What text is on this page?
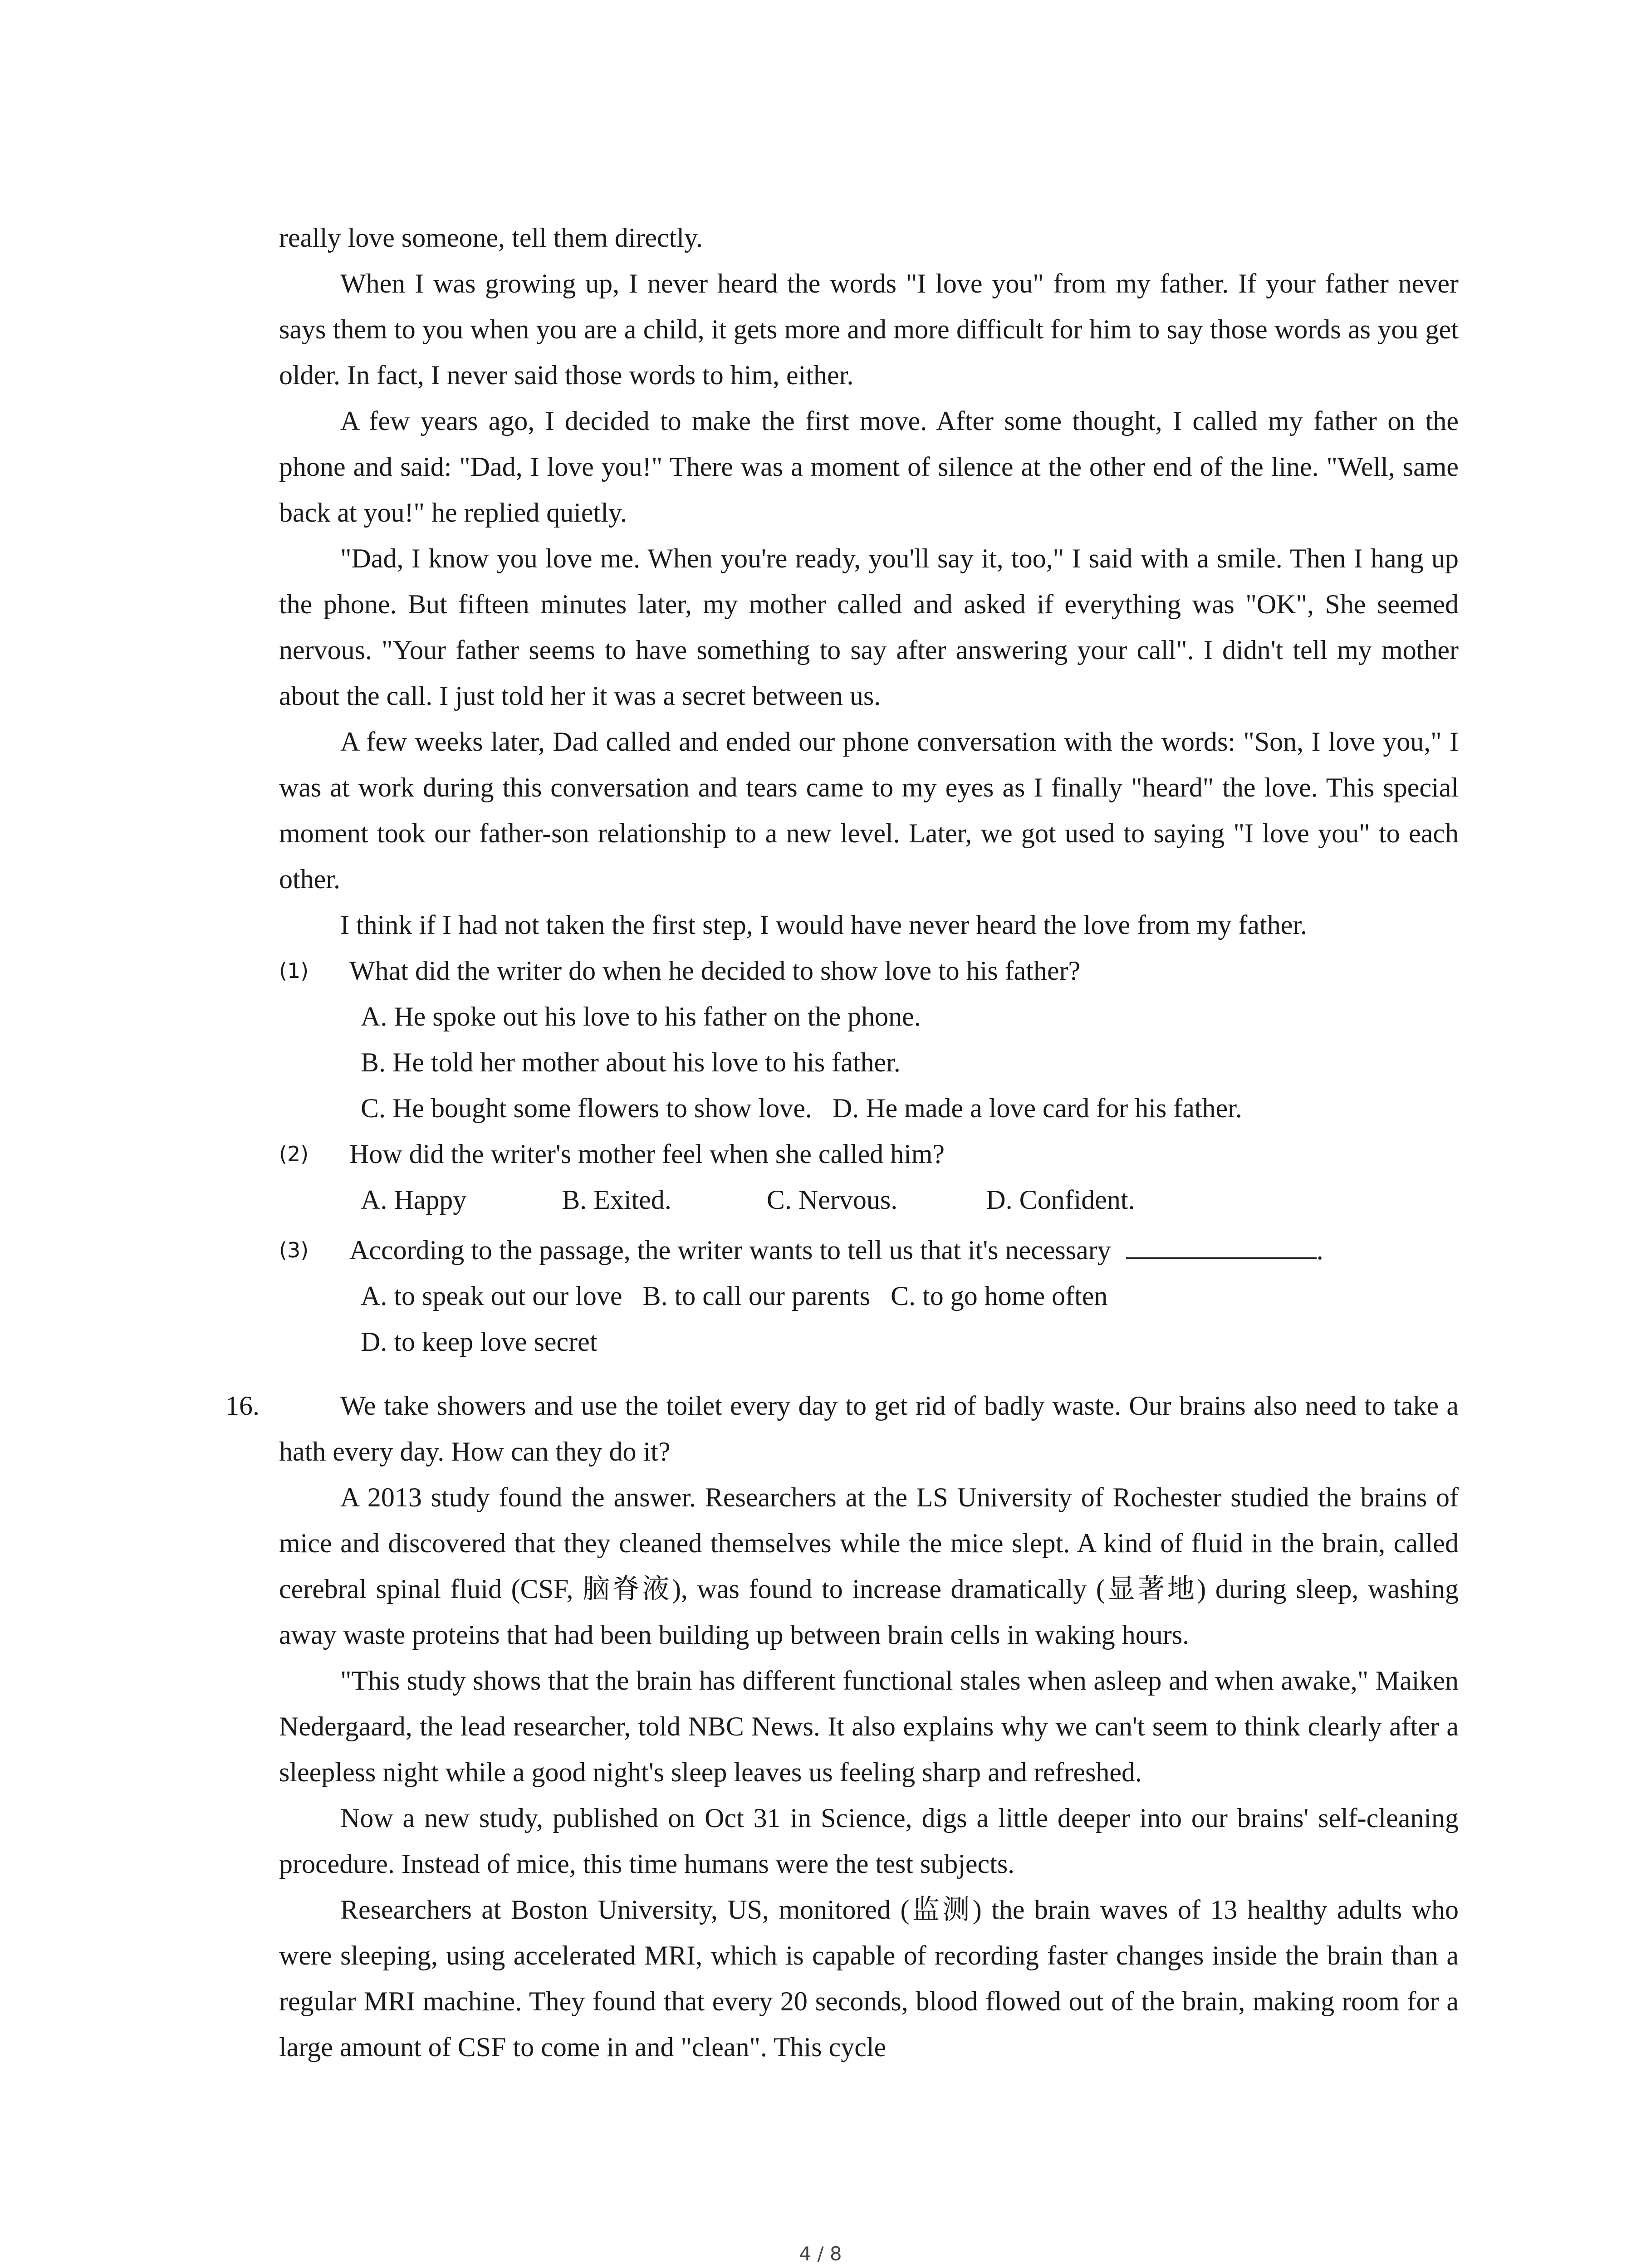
really love someone, tell them directly.

When I was growing up, I never heard the words "I love you" from my father. If your father never says them to you when you are a child, it gets more and more difficult for him to say those words as you get older. In fact, I never said those words to him, either.

A few years ago, I decided to make the first move. After some thought, I called my father on the phone and said: "Dad, I love you!" There was a moment of silence at the other end of the line. "Well, same back at you!" he replied quietly.

"Dad, I know you love me. When you're ready, you'll say it, too," I said with a smile. Then I hang up the phone. But fifteen minutes later, my mother called and asked if everything was "OK", She seemed nervous. "Your father seems to have something to say after answering your call". I didn't tell my mother about the call. I just told her it was a secret between us.

A few weeks later, Dad called and ended our phone conversation with the words: "Son, I love you," I was at work during this conversation and tears came to my eyes as I finally "heard" the love. This special moment took our father-son relationship to a new level. Later, we got used to saying "I love you" to each other.

I think if I had not taken the first step, I would have never heard the love from my father.

(1) What did the writer do when he decided to show love to his father?

A. He spoke out his love to his father on the phone.

B. He told her mother about his love to his father.

C. He bought some flowers to show love.   D. He made a love card for his father.

(2) How did the writer's mother feel when she called him?

A. Happy              B. Exited.              C. Nervous.             D. Confident.

(3) According to the passage, the writer wants to tell us that it's necessary	.

A. to speak out our love   B. to call our parents   C. to go home often

D. to keep love secret

16.	We take showers and use the toilet every day to get rid of badly waste. Our brains also need to take a hath every day. How can they do it?

A 2013 study found the answer. Researchers at the LS University of Rochester studied the brains of mice and discovered that they cleaned themselves while the mice slept. A kind of fluid in the brain, called cerebral spinal fluid (CSF, 脑脊液), was found to increase dramatically (显著地) during sleep, washing away waste proteins that had been building up between brain cells in waking hours.

"This study shows that the brain has different functional stales when asleep and when awake," Maiken Nedergaard, the lead researcher, told NBC News. It also explains why we can't seem to think clearly after a sleepless night while a good night's sleep leaves us feeling sharp and refreshed.

Now a new study, published on Oct 31 in Science, digs a little deeper into our brains' self-cleaning procedure. Instead of mice, this time humans were the test subjects.

Researchers at Boston University, US, monitored (监测) the brain waves of 13 healthy adults who were sleeping, using accelerated MRI, which is capable of recording faster changes inside the brain than a regular MRI machine. They found that every 20 seconds, blood flowed out of the brain, making room for a large amount of CSF to come in and "clean". This cycle

4 / 8
